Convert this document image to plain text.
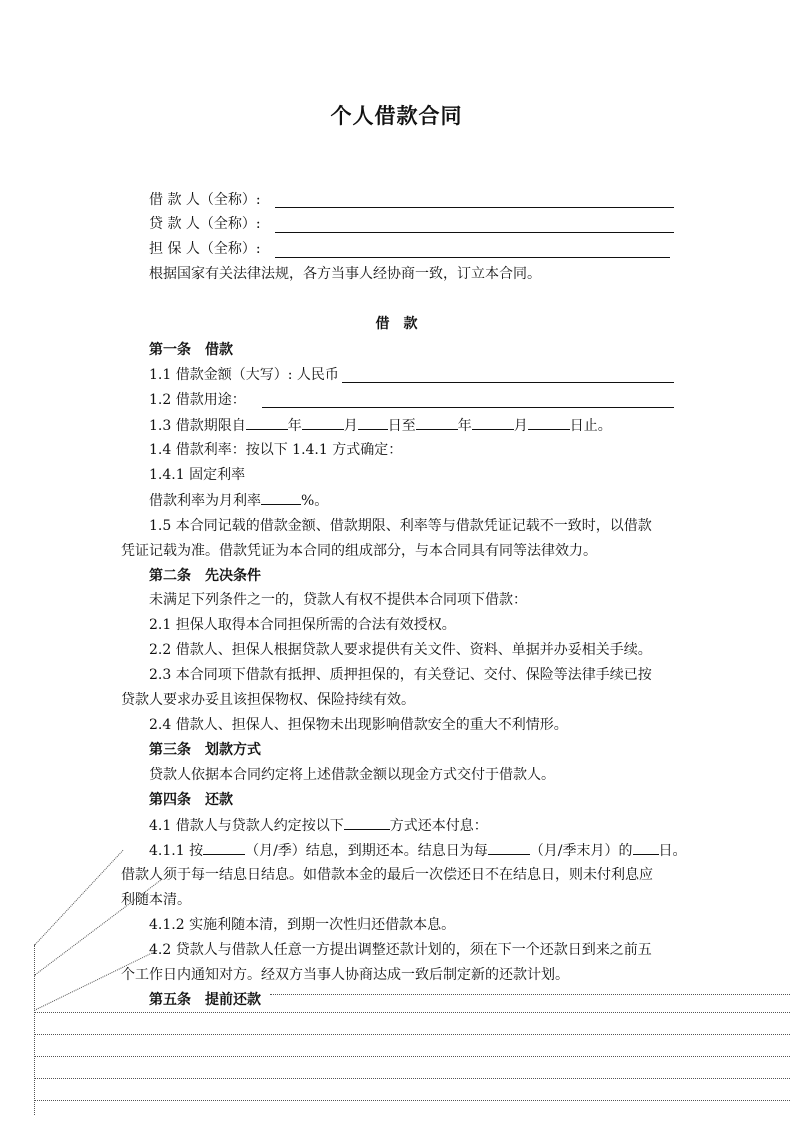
个人借款合同
借 款 人（全称）:
贷 款 人（全称）:
担 保 人（全称）:
根据国家有关法律法规，各方当事人经协商一致，订立本合同。
借　款
第一条　借款
1.1 借款金额（大写）: 人民币
1.2 借款用途：
1.3 借款期限自	年	月 日至	年	月	日止。
1.4 借款利率：按以下 1.4.1 方式确定：
1.4.1 固定利率
借款利率为月利率	%。
1.5 本合同记载的借款金额、借款期限、利率等与借款凭证记载不一致时，以借款
凭证记载为准。借款凭证为本合同的组成部分，与本合同具有同等法律效力。
第二条　先决条件
未满足下列条件之一的，贷款人有权不提供本合同项下借款：
2.1 担保人取得本合同担保所需的合法有效授权。
2.2 借款人、担保人根据贷款人要求提供有关文件、资料、单据并办妥相关手续。
2.3 本合同项下借款有抵押、质押担保的，有关登记、交付、保险等法律手续已按
贷款人要求办妥且该担保物权、保险持续有效。
2.4 借款人、担保人、担保物未出现影响借款安全的重大不利情形。
第三条　划款方式
贷款人依据本合同约定将上述借款金额以现金方式交付于借款人。
第四条　还款
4.1 借款人与贷款人约定按以下	方式还本付息：
4.1.1 按	（月/季）结息，到期还本。结息日为每	（月/季末月）的 日。
借款人须于每一结息日结息。如借款本金的最后一次偿还日不在结息日，则未付利息应
利随本清。
4.1.2 实施利随本清，到期一次性归还借款本息。
4.2 贷款人与借款人任意一方提出调整还款计划的，须在下一个还款日到来之前五
个工作日内通知对方。经双方当事人协商达成一致后制定新的还款计划。
第五条　提前还款
